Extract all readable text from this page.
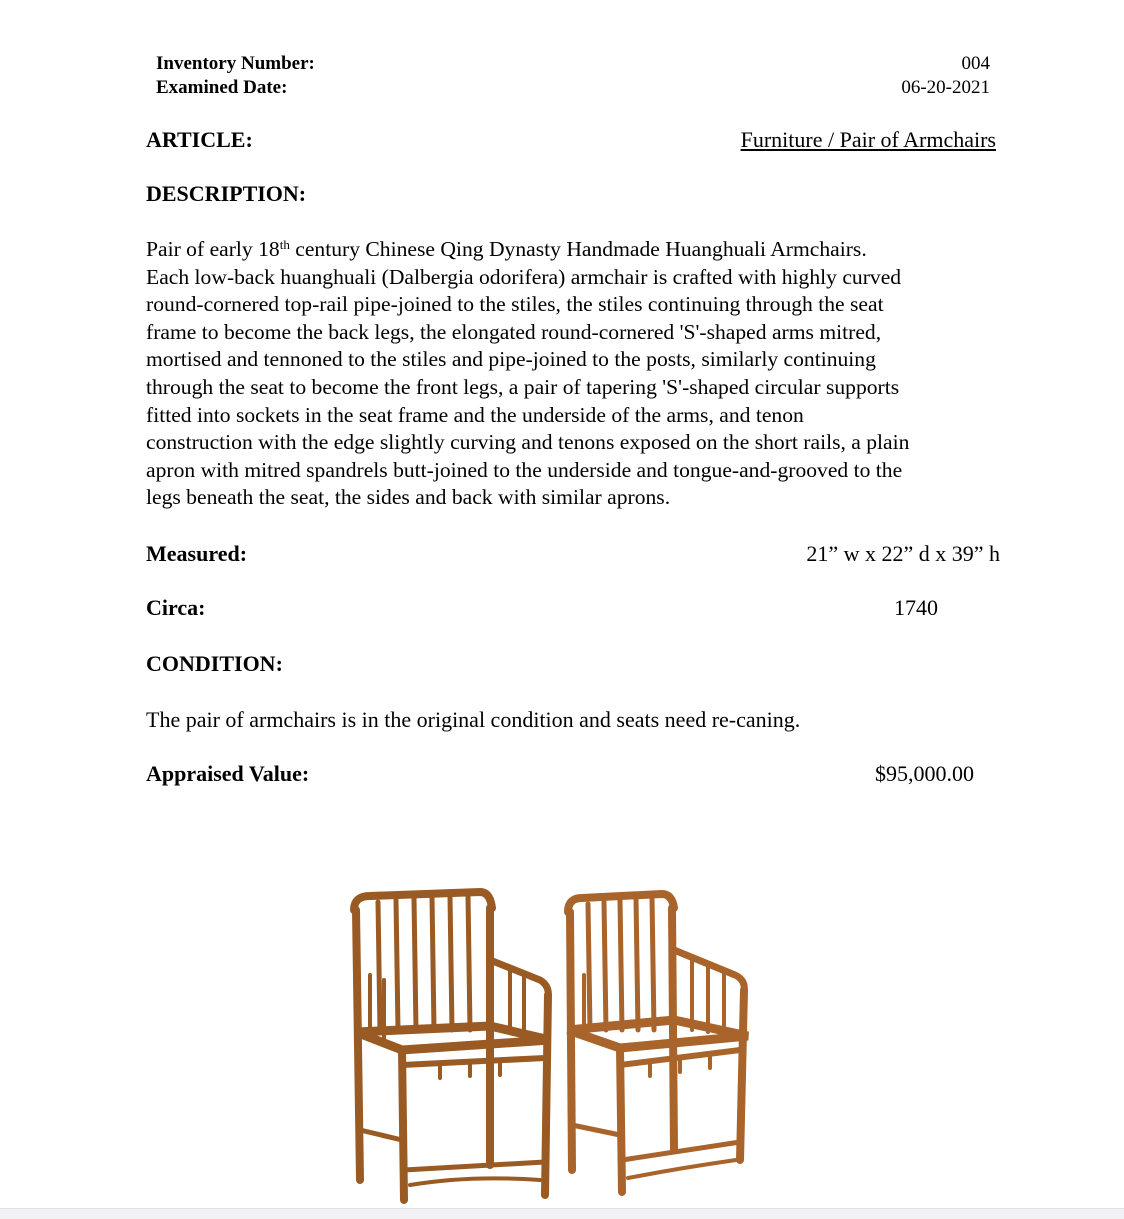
Inventory Number:	004
Examined Date:	06-20-2021
ARTICLE:	Furniture / Pair of Armchairs
DESCRIPTION:
Pair of early 18th century Chinese Qing Dynasty Handmade Huanghuali Armchairs.
Each low-back huanghuali (Dalbergia odorifera) armchair is crafted with highly curved
round-cornered top-rail pipe-joined to the stiles, the stiles continuing through the seat
frame to become the back legs, the elongated round-cornered 'S'-shaped arms mitred,
mortised and tennoned to the stiles and pipe-joined to the posts, similarly continuing
through the seat to become the front legs, a pair of tapering 'S'-shaped circular supports
fitted into sockets in the seat frame and the underside of the arms, and tenon
construction with the edge slightly curving and tenons exposed on the short rails, a plain
apron with mitred spandrels butt-joined to the underside and tongue-and-grooved to the
legs beneath the seat, the sides and back with similar aprons.
Measured:	21” w x 22” d x 39” h
Circa:	1740
CONDITION:
The pair of armchairs is in the original condition and seats need re-caning.
Appraised Value:	$95,000.00
